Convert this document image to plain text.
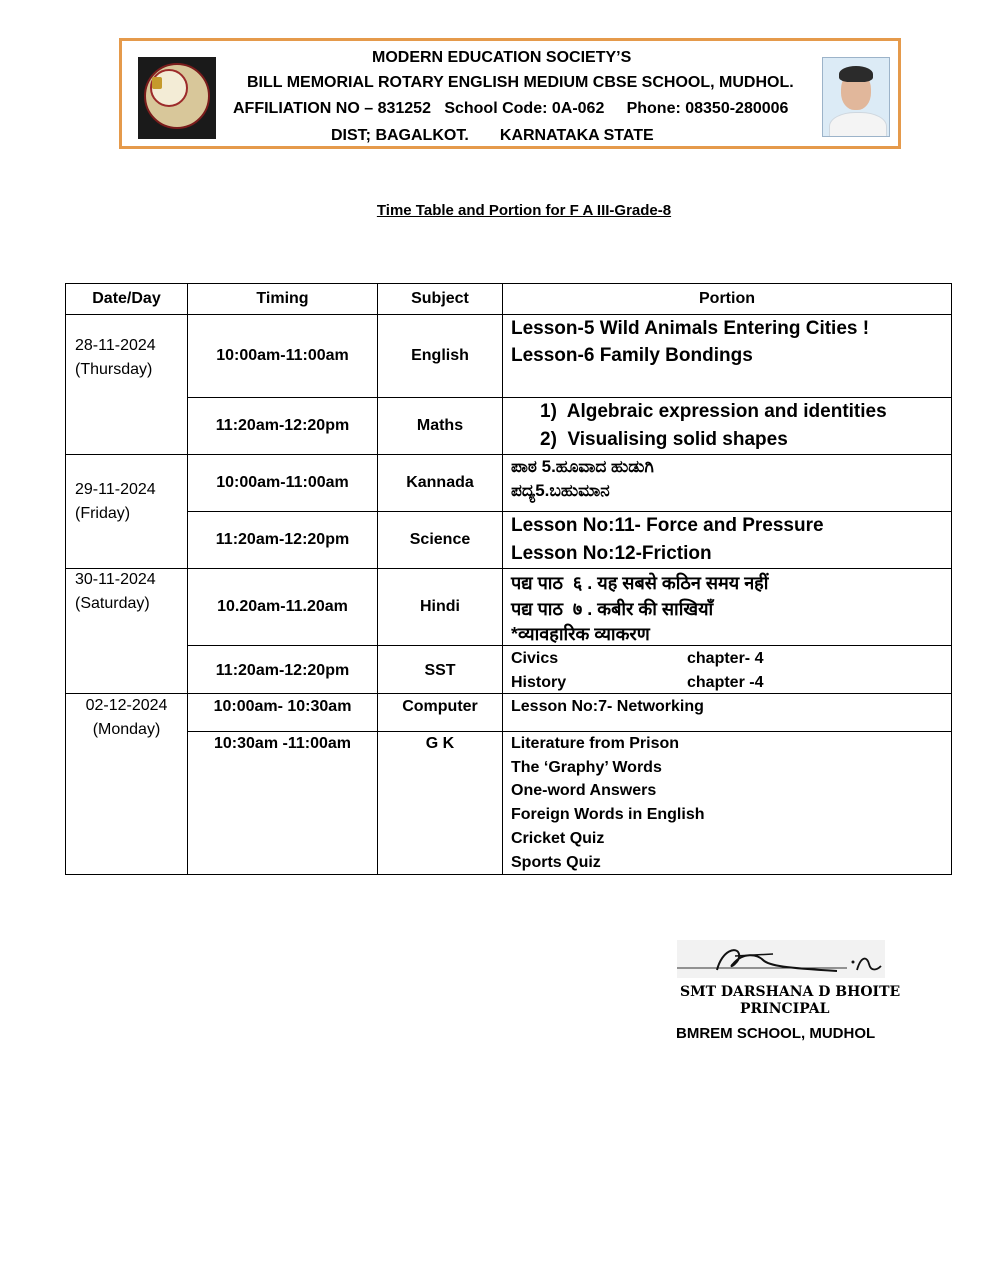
MODERN EDUCATION SOCIETY’S
BILL MEMORIAL ROTARY ENGLISH MEDIUM CBSE SCHOOL, MUDHOL.
AFFILIATION NO – 831252   School Code: 0A-062     Phone: 08350-280006
DIST; BAGALKOT.       KARNATAKA STATE
Time Table and Portion for F A III-Grade-8
Date/Day	Timing	Subject	Portion
28-11-2024
(Thursday)
10:00am-11:00am	English
Lesson-5 Wild Animals Entering Cities !
Lesson-6 Family Bondings
11:20am-12:20pm	Maths
1)  Algebraic expression and identities
2)  Visualising solid shapes
29-11-2024
(Friday)
10:00am-11:00am	Kannada
ಪಾಠ 5.ಹೂವಾದ ಹುಡುಗಿ
ಪದ್ಯ5.ಬಹುಮಾನ
11:20am-12:20pm	Science
Lesson No:11- Force and Pressure
Lesson No:12-Friction
30-11-2024
(Saturday)	10.20am-11.20am	Hindi
पद्य पाठ  ६ . यह सबसे कठिन समय नहीं
पद्य पाठ  ७ . कबीर की साखियाँ
*व्यावहारिक व्याकरण
11:20am-12:20pm	SST
Civics	chapter- 4
History	chapter -4
02-12-2024
(Monday)
10:00am- 10:30am	Computer	Lesson No:7- Networking
10:30am -11:00am	G K	Literature from Prison
The ‘Graphy’ Words
One-word Answers
Foreign Words in English
Cricket Quiz
Sports Quiz
SMT DARSHANA D BHOITE
PRINCIPAL
BMREM SCHOOL, MUDHOL
